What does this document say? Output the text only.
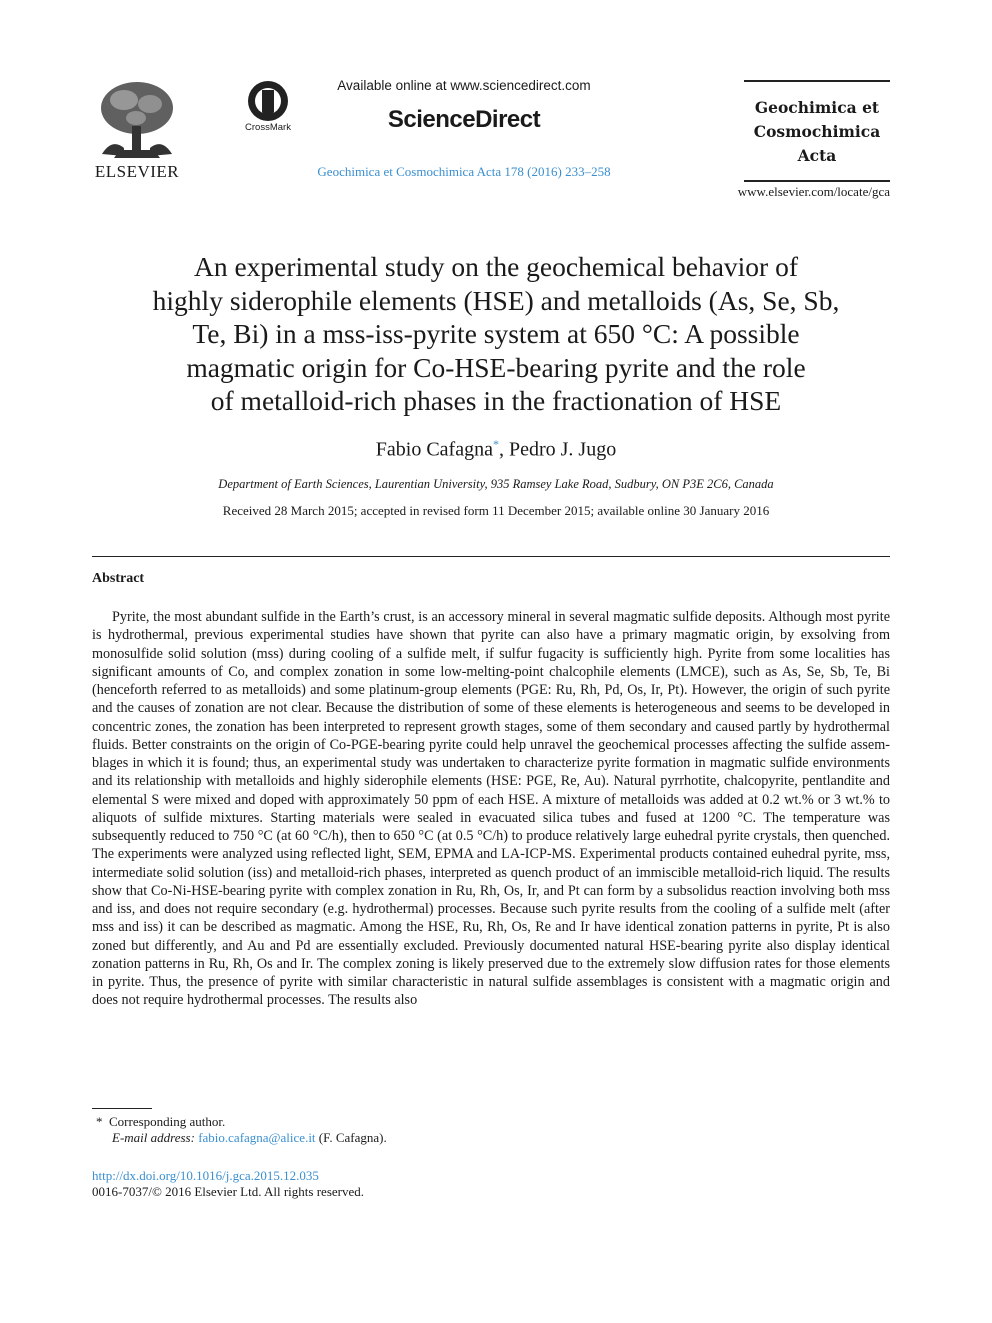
ELSEVIER
CrossMark
Available online at www.sciencedirect.com
ScienceDirect
Geochimica et Cosmochimica Acta 178 (2016) 233–258
Geochimica et
Cosmochimica
Acta
www.elsevier.com/locate/gca
An experimental study on the geochemical behavior of
highly siderophile elements (HSE) and metalloids (As, Se, Sb,
Te, Bi) in a mss-iss-pyrite system at 650 °C: A possible
magmatic origin for Co-HSE-bearing pyrite and the role
of metalloid-rich phases in the fractionation of HSE
Fabio Cafagna*, Pedro J. Jugo
Department of Earth Sciences, Laurentian University, 935 Ramsey Lake Road, Sudbury, ON P3E 2C6, Canada
Received 28 March 2015; accepted in revised form 11 December 2015; available online 30 January 2016
Abstract
Pyrite, the most abundant sulfide in the Earth’s crust, is an accessory mineral in several magmatic sulfide deposits. Although most pyrite is hydrothermal, previous experimental studies have shown that pyrite can also have a primary magmatic origin, by exsolving from monosulfide solid solution (mss) during cooling of a sulfide melt, if sulfur fugacity is sufficiently high. Pyrite from some localities has significant amounts of Co, and complex zonation in some low-melting-point chalcophile elements (LMCE), such as As, Se, Sb, Te, Bi (henceforth referred to as metalloids) and some platinum-group elements (PGE: Ru, Rh, Pd, Os, Ir, Pt). However, the origin of such pyrite and the causes of zonation are not clear. Because the distribution of some of these elements is heterogeneous and seems to be developed in concentric zones, the zonation has been interpreted to represent growth stages, some of them secondary and caused partly by hydrothermal fluids. Better constraints on the origin of Co-PGE-bearing pyrite could help unravel the geochemical processes affecting the sulfide assemblages in which it is found; thus, an experimental study was undertaken to characterize pyrite formation in magmatic sulfide environments and its relationship with metalloids and highly siderophile elements (HSE: PGE, Re, Au). Natural pyrrhotite, chalcopyrite, pentlandite and elemental S were mixed and doped with approximately 50 ppm of each HSE. A mixture of metalloids was added at 0.2 wt.% or 3 wt.% to aliquots of sulfide mixtures. Starting materials were sealed in evacuated silica tubes and fused at 1200 °C. The temperature was subsequently reduced to 750 °C (at 60 °C/h), then to 650 °C (at 0.5 °C/h) to produce relatively large euhedral pyrite crystals, then quenched. The experiments were analyzed using reflected light, SEM, EPMA and LA-ICP-MS. Experimental products contained euhedral pyrite, mss, intermediate solid solution (iss) and metalloid-rich phases, interpreted as quench product of an immiscible metalloid-rich liquid. The results show that Co-Ni-HSE-bearing pyrite with complex zonation in Ru, Rh, Os, Ir, and Pt can form by a subsolidus reaction involving both mss and iss, and does not require secondary (e.g. hydrothermal) processes. Because such pyrite results from the cooling of a sulfide melt (after mss and iss) it can be described as magmatic. Among the HSE, Ru, Rh, Os, Re and Ir have identical zonation patterns in pyrite, Pt is also zoned but differently, and Au and Pd are essentially excluded. Previously documented natural HSE-bearing pyrite also display identical zonation patterns in Ru, Rh, Os and Ir. The complex zoning is likely preserved due to the extremely slow diffusion rates for those elements in pyrite. Thus, the presence of pyrite with similar characteristic in natural sulfide assemblages is consistent with a magmatic origin and does not require hydrothermal processes. The results also
* Corresponding author.
E-mail address: fabio.cafagna@alice.it (F. Cafagna).
http://dx.doi.org/10.1016/j.gca.2015.12.035
0016-7037/© 2016 Elsevier Ltd. All rights reserved.
